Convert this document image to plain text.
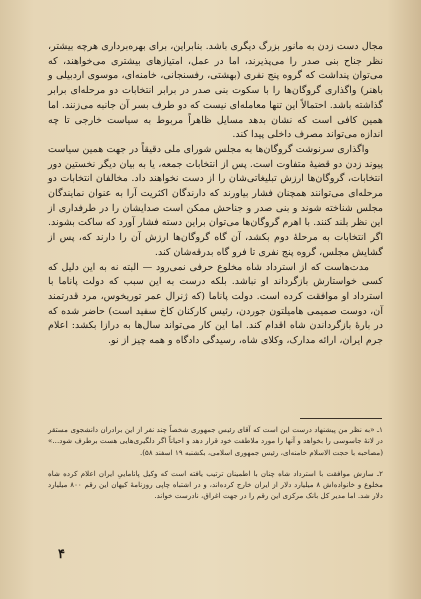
مجال دست زدن به مانور بزرگ دیگری باشد. بنابراین، برای بهره‌برداری هرچه بیشتر، نظر جناح بنی صدر را می‌پذیرند، اما در عمل، امتیازهای بیشتری می‌خواهند، که می‌توان پنداشت که گروه پنج نفری (بهشتی، رفسنجانی، خامنه‌ای، موسوی اردبیلی و باهنر) واگذاری گروگان‌ها را با سکوت بنی صدر در برابر انتخابات دو مرحله‌ای برابر گذاشته باشد. احتمالاً این تنها معامله‌ای نیست که دو طرف بسر آن جانبه می‌زنند. اما همین کافی است که نشان بدهد مسایل ظاهراً مربوط به سیاست خارجی تا چه اندازه می‌تواند مصرف داخلی پیدا کند.

واگذاری سرنوشت گروگان‌ها به مجلس شورای ملی دقیقاً در جهت همین سیاست پیوند زدن دو قضیهٔ متفاوت است. پس از انتخابات جمعه، یا به بیان دیگر نخستین دور انتخابات، گروگان‌ها ارزش تبلیغاتی‌شان را از دست نخواهند داد. مخالفان انتخابات دو مرحله‌ای می‌توانند همچنان فشار بیاورند که دارندگان اکثریت آرا به عنوان نمایندگان مجلس شناخته شوند و بنی صدر و جناحش ممکن است صدایشان را در طرفداری از این نظر بلند کنند. با اهرم گروگان‌ها می‌توان براین دسته فشار آورد که ساکت بشوند. اگر انتخابات به مرحلهٔ دوم بکشد، آن گاه گروگان‌ها ارزش آن را دارند که، پس از گشایش مجلس، گروه پنج نفری تا فرو گاه بدرقه‌شان کند.

مدت‌هاست که از استرداد شاه مخلوع حرفی نمی‌رود — البته نه به این دلیل که کسی خواستارش بازگرداند او نباشد. بلکه درست به این سبب که دولت پاناما با استرداد او موافقت کرده است. دولت پاناما (که ژنرال عمر توریخوس، مرد قدرتمند آن، دوست صمیمی هامیلتون جوردن، رئیس کارکنان کاخ سفید است) حاضر شده که در بارهٔ بازگرداندن شاه اقدام کند. اما این کار می‌تواند سال‌ها به درازا بکشد: اعلام جرم ایران، ارائه مدارک، وکلای شاه، رسیدگی دادگاه و همه چیز از نو.

۱ـ «به نظر من پیشنهاد درست این است که آقای رئیس جمهوری شخصاً چند نفر از این برادران دانشجوی مستقر در لانهٔ جاسوسی را بخواهد و آنها را مورد ملاطفت خود قرار دهد و احیاناً اگر دلگیری‌هایی هست برطرف شود...» (مصاحبه با حجت الاسلام خامنه‌ای، رئیس جمهوری اسلامی، بکشنبه ۱۹ اسفند ۵۸).

۲ـ سازش موافقت با استرداد شاه چنان با اطمینان ترتیب یافته است که وکیل پاناماییِ ایران اعلام کرده شاه مخلوع و خانواده‌اش ۸ میلیارد دلار از ایران خارج کرده‌اند، و در اشتباه چاپی روزنامهٔ کیهان این رقم ۸۰۰ میلیارد دلار شد. اما مدیر کل بانک مرکزی این رقم را در جهت اغراق، نادرست خواند.

۴
